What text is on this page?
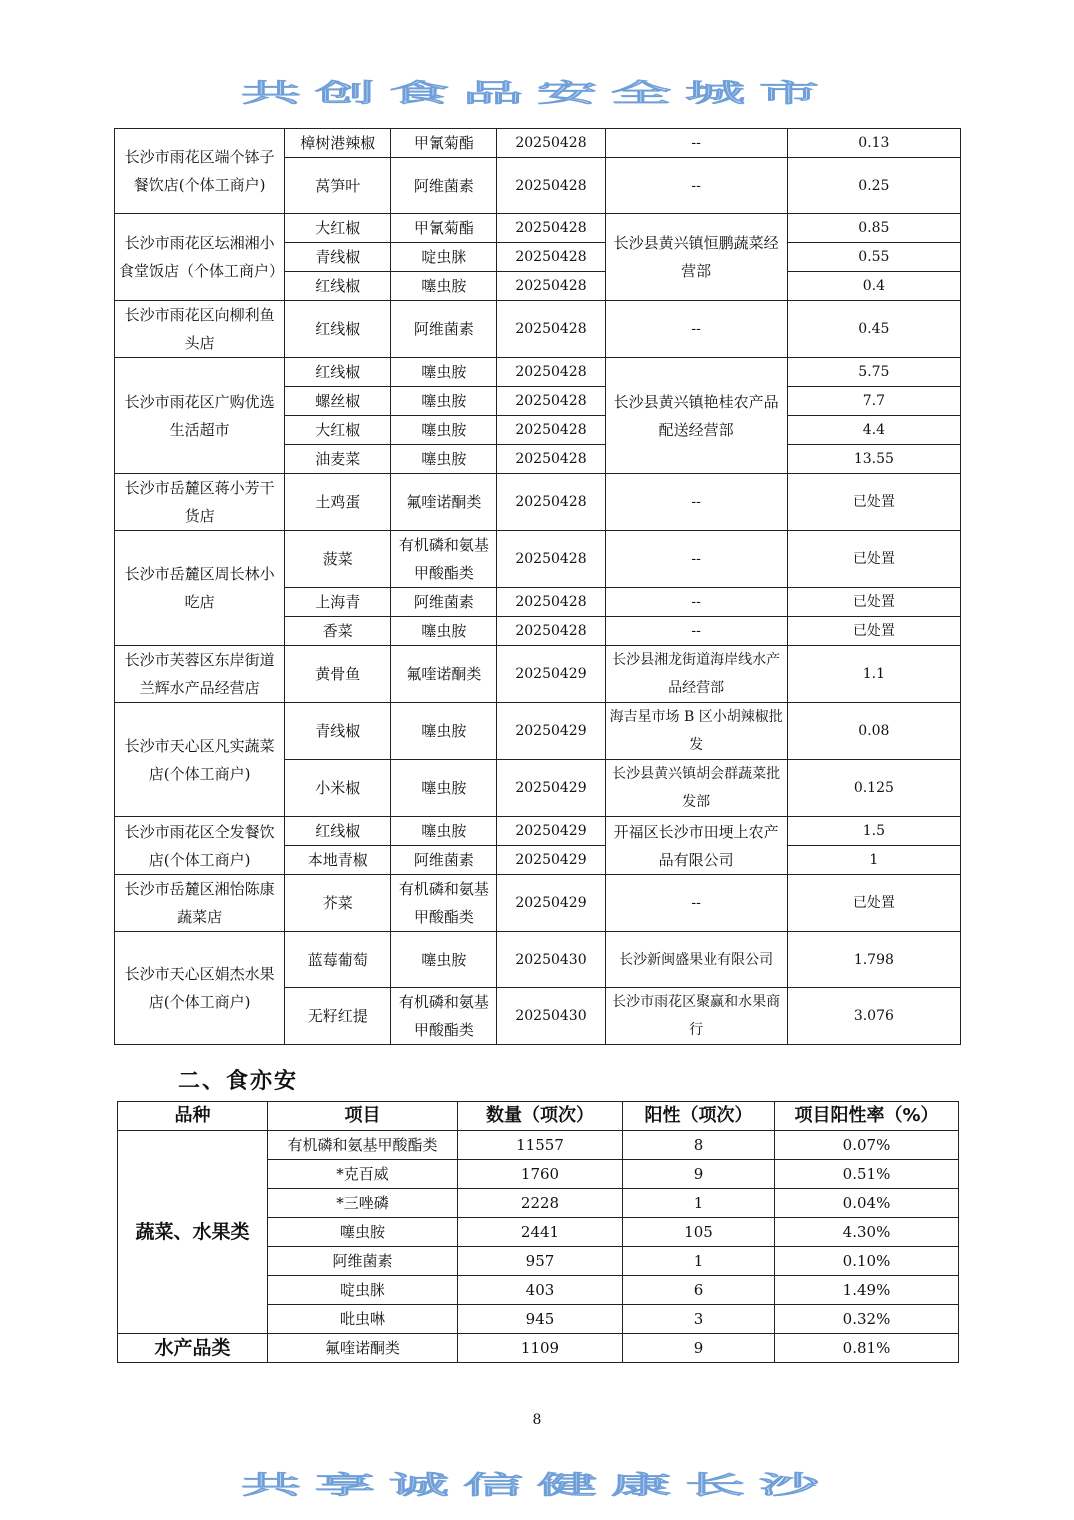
共创食品安全城市
长沙市雨花区端个钵子餐饮店(个体工商户)	樟树港辣椒	甲氰菊酯	20250428	--	0.13
	莴笋叶	阿维菌素	20250428	--	0.25
长沙市雨花区坛湘湘小食堂饭店（个体工商户）	大红椒	甲氰菊酯	20250428	长沙县黄兴镇恒鹏蔬菜经营部	0.85
	青线椒	啶虫脒	20250428		0.55
	红线椒	噻虫胺	20250428		0.4
长沙市雨花区向柳利鱼头店	红线椒	阿维菌素	20250428	--	0.45
长沙市雨花区广购优选生活超市	红线椒	噻虫胺	20250428	长沙县黄兴镇艳桂农产品配送经营部	5.75
	螺丝椒	噻虫胺	20250428		7.7
	大红椒	噻虫胺	20250428		4.4
	油麦菜	噻虫胺	20250428		13.55
长沙市岳麓区蒋小芳干货店	土鸡蛋	氟喹诺酮类	20250428	--	已处置
长沙市岳麓区周长林小吃店	菠菜	有机磷和氨基甲酸酯类	20250428	--	已处置
	上海青	阿维菌素	20250428	--	已处置
	香菜	噻虫胺	20250428	--	已处置
长沙市芙蓉区东岸街道兰辉水产品经营店	黄骨鱼	氟喹诺酮类	20250429	长沙县湘龙街道海岸线水产品经营部	1.1
长沙市天心区凡实蔬菜店(个体工商户)	青线椒	噻虫胺	20250429	海吉星市场 B 区小胡辣椒批发	0.08
	小米椒	噻虫胺	20250429	长沙县黄兴镇胡会群蔬菜批发部	0.125
长沙市雨花区仝发餐饮店(个体工商户)	红线椒	噻虫胺	20250429	开福区长沙市田埂上农产品有限公司	1.5
	本地青椒	阿维菌素	20250429		1
长沙市岳麓区湘怡陈康蔬菜店	芥菜	有机磷和氨基甲酸酯类	20250429	--	已处置
长沙市天心区娟杰水果店(个体工商户)	蓝莓葡萄	噻虫胺	20250430	长沙新闽盛果业有限公司	1.798
	无籽红提	有机磷和氨基甲酸酯类	20250430	长沙市雨花区聚赢和水果商行	3.076
二、食亦安
品种	项目	数量（项次）	阳性（项次）	项目阳性率（%）
蔬菜、水果类	有机磷和氨基甲酸酯类	11557	8	0.07%
	*克百威	1760	9	0.51%
	*三唑磷	2228	1	0.04%
	噻虫胺	2441	105	4.30%
	阿维菌素	957	1	0.10%
	啶虫脒	403	6	1.49%
	吡虫啉	945	3	0.32%
水产品类	氟喹诺酮类	1109	9	0.81%
8
共享诚信健康长沙
